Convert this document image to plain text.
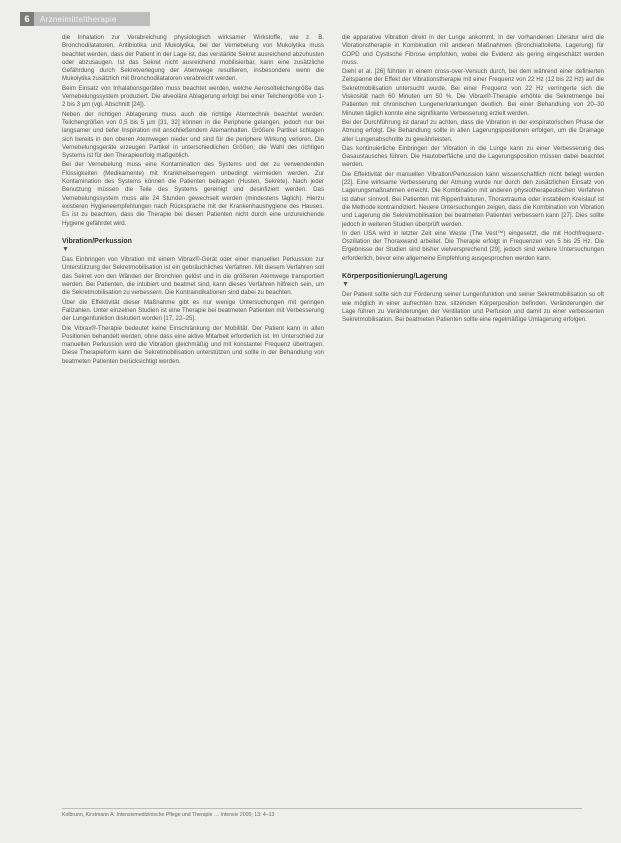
6	Arzneimitteltherapie

die Inhalation zur Verabreichung physiologisch wirksamer Wirkstoffe, wie z. B. Bronchodilatatoren, Antibiotika und Mukolytika, bei der Vernebelung von Mukolytika muss beachtet werden, dass der Patient in der Lage ist, das verstärkte Sekret ausreichend abzuhusten oder abzusaugen. Ist das Sekret nicht ausreichend mobilisierbar, kann eine zusätzliche Gefährdung durch Sekretverlegung der Atemwege resultieren, insbesondere wenn die Mukolytika zusätzlich mit Bronchodilatatoren verabreicht werden.

Beim Einsatz von Inhalationsgeräten muss beachtet werden, welche Aerosolteilchengröße das Vernebelungssystem produziert. Die alveoläre Ablagerung erfolgt bei einer Teilchengröße von 1-2 bis 3 µm (vgl. Abschnitt [24]).

Neben der richtigen Ablagerung muss auch die richtige Atemtechnik beachtet werden: Teilchengrößen von 0,5 bis 5 µm [31, 32] können in die Peripherie gelangen, jedoch nur bei langsamer und tiefer Inspiration mit anschließendem Atemanhalten. Größere Partikel schlagen sich bereits in den oberen Atemwegen nieder und sind für die periphere Wirkung verloren. Die Vernebelungsgeräte erzeugen Partikel in unterschiedlichen Größen; die Wahl des richtigen Systems ist für den Therapieerfolg maßgeblich.

Bei der Vernebelung muss eine Kontamination des Systems und der zu verwendenden Flüssigkeiten (Medikamente) mit Krankheitserregern unbedingt vermieden werden. Zur Kontamination des Systems können die Patienten beitragen (Husten, Sekrete). Nach jeder Benutzung müssen die Teile des Systems gereinigt und desinfiziert werden. Das Vernebelungssystem muss alle 24 Stunden gewechselt werden (mindestens täglich). Hierzu existieren Hygieneempfehlungen nach Rücksprache mit der Krankenhaushygiene des Hauses. Es ist zu beachten, dass die Therapie bei diesen Patienten nicht durch eine unzureichende Hygiene gefährdet wird.

Vibration/Perkussion
▼

Das Einbringen von Vibration mit einem Vibrax®-Gerät oder einer manuellen Perkussion zur Unterstützung der Sekretmobilisation ist ein gebräuchliches Verfahren. Mit diesem Verfahren soll das Sekret von den Wänden der Bronchien gelöst und in die größeren Atemwege transportiert werden. Bei Patienten, die intubiert und beatmet sind, kann dieses Verfahren hilfreich sein, um die Sekretmobilisation zu verbessern. Die Kontraindikationen sind dabei zu beachten.

Über die Effektivität dieser Maßnahme gibt es nur wenige Untersuchungen mit geringen Fallzahlen. Unter einzelnen Studien ist eine Therapie bei beatmeten Patienten mit Verbesserung der Lungenfunktion diskutiert worden [17, 22–25].

Die Vibrax®-Therapie bedeutet keine Einschränkung der Mobilität. Der Patient kann in allen Positionen behandelt werden, ohne dass eine aktive Mitarbeit erforderlich ist. Im Unterschied zur manuellen Perkussion wird die Vibration gleichmäßig und mit konstanter Frequenz übertragen. Diese Therapieform kann die Sekretmobilisation unterstützen und sollte in der Behandlung von beatmeten Patienten berücksichtigt werden.

die apparative Vibration direkt in der Lunge ankommt. In der vorhandenen Literatur wird die Vibrationstherapie in Kombination mit anderen Maßnahmen (Bronchialtoilette, Lagerung) für COPD und Cystische Fibrose empfohlen, wobei die Evidenz als gering eingeschätzt werden muss.

Diehl et al. [26] führten in einem cross-over-Versuch durch, bei dem während einer definierten Zeitspanne der Effekt der Vibrationstherapie mit einer Frequenz von 22 Hz (12 bis 22 Hz) auf die Sekretmobilisation untersucht wurde. Bei einer Frequenz von 22 Hz verringerte sich die Viskosität nach 60 Minuten um 50 %. Die Vibrax®-Therapie erhöhte die Sekretmenge bei Patienten mit chronischen Lungenerkrankungen deutlich. Bei einer Behandlung von 20–30 Minuten täglich konnte eine signifikante Verbesserung erzielt werden.

Bei der Durchführung ist darauf zu achten, dass die Vibration in der exspiratorischen Phase der Atmung erfolgt. Die Behandlung sollte in allen Lagerungspositionen erfolgen, um die Drainage aller Lungenabschnitte zu gewährleisten.

Das kontinuierliche Einbringen der Vibration in die Lunge kann zu einer Verbesserung des Gasaustausches führen. Die Hautoberfläche und die Lagerungsposition müssen dabei beachtet werden.

Die Effektivität der manuellen Vibration/Perkussion kann wissenschaftlich nicht belegt werden [22]. Eine wirksame Verbesserung der Atmung wurde nur durch den zusätzlichen Einsatz von Lagerungsmaßnahmen erreicht. Die Kombination mit anderen physiotherapeutischen Verfahren ist daher sinnvoll. Bei Patienten mit Rippenfrakturen, Thoraxtrauma oder instabilem Kreislauf ist die Methode kontraindiziert. Neuere Untersuchungen zeigen, dass die Kombination von Vibration und Lagerung die Sekretmobilisation bei beatmeten Patienten verbessern kann [27]. Dies sollte jedoch in weiteren Studien überprüft werden.

In den USA wird in letzter Zeit eine Weste (The Vest™) eingesetzt, die mit Hochfrequenz-Oszillation der Thoraxwand arbeitet. Die Therapie erfolgt in Frequenzen von 5 bis 25 Hz. Die Ergebnisse der Studien sind bisher vielversprechend [29], jedoch sind weitere Untersuchungen erforderlich, bevor eine allgemeine Empfehlung ausgesprochen werden kann.

Körperpositionierung/Lagerung
▼

Der Patient sollte sich zur Förderung seiner Lungenfunktion und seiner Sekretmobilisation so oft wie möglich in einer aufrechten bzw. sitzenden Körperposition befinden. Veränderungen der Lage führen zu Veränderungen der Ventilation und Perfusion und damit zu einer verbesserten Sekretmobilisation. Bei beatmeten Patienten sollte eine regelmäßige Umlagerung erfolgen.

Kolbrunn, Kirstmann A. Intensivmedizinische Pflege und Therapie … Intensiv 2005; 13: 4–13
